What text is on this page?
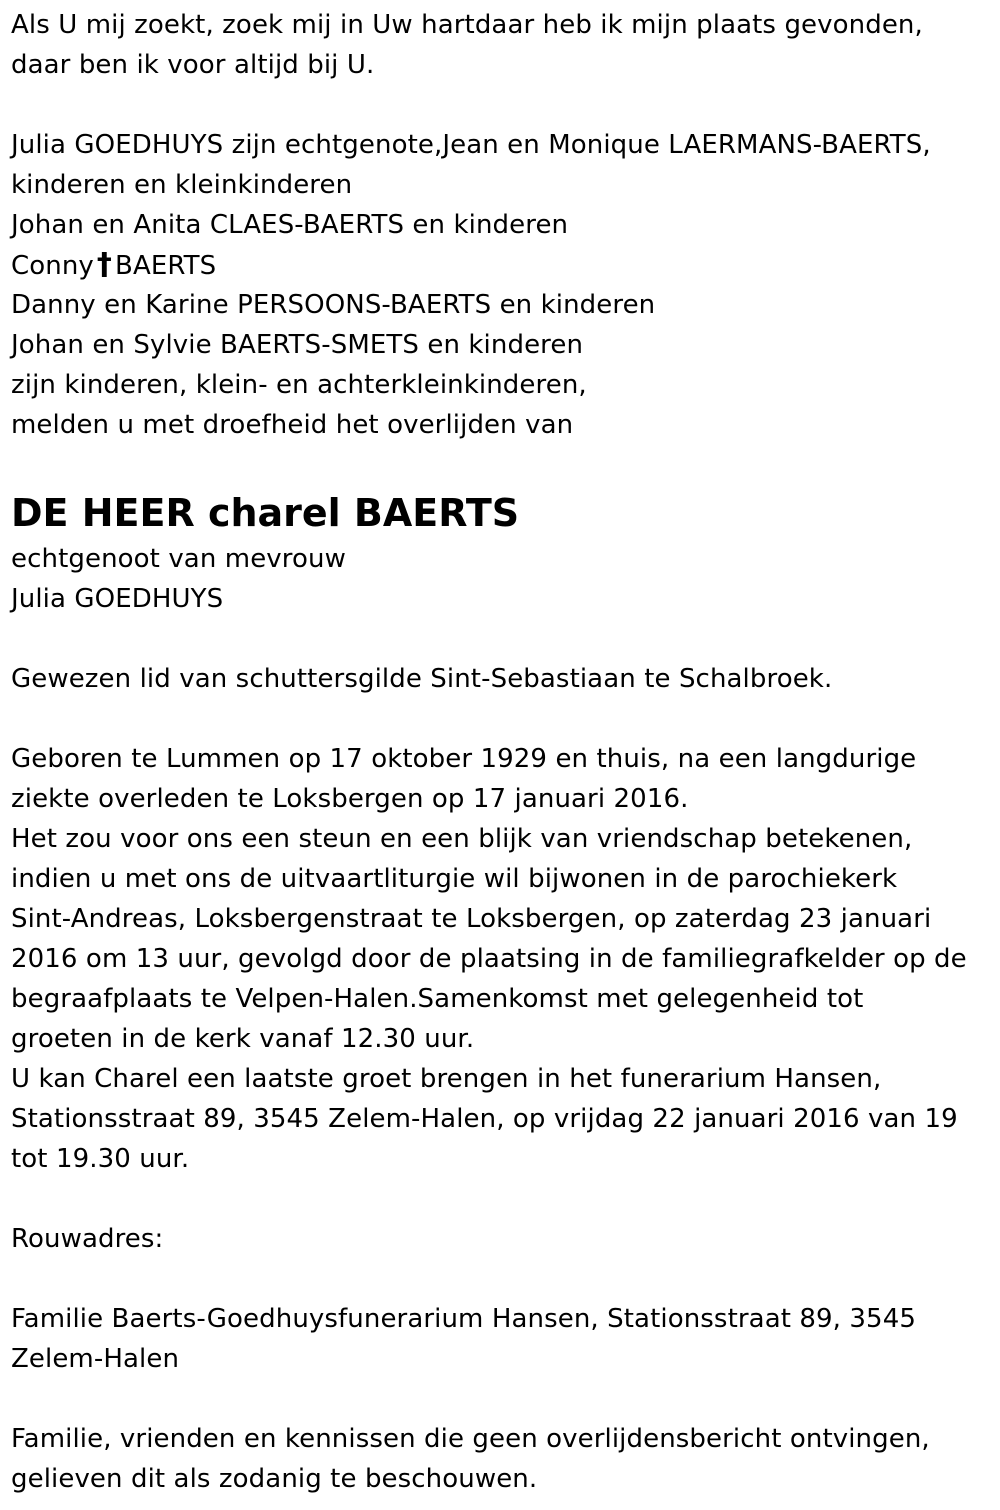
Als U mij zoekt, zoek mij in Uw hartdaar heb ik mijn plaats gevonden,
daar ben ik voor altijd bij U.
Julia GOEDHUYS zijn echtgenote,Jean en Monique LAERMANS-BAERTS,
kinderen en kleinkinderen
Johan en Anita CLAES-BAERTS en kinderen
Conny † BAERTS
Danny en Karine PERSOONS-BAERTS en kinderen
Johan en Sylvie BAERTS-SMETS en kinderen
zijn kinderen, klein- en achterkleinkinderen,
melden u met droefheid het overlijden van
DE HEER charel BAERTS
echtgenoot van mevrouw
Julia GOEDHUYS
Gewezen lid van schuttersgilde Sint-Sebastiaan te Schalbroek.
Geboren te Lummen op 17 oktober 1929 en thuis, na een langdurige
ziekte overleden te Loksbergen op 17 januari 2016.
Het zou voor ons een steun en een blijk van vriendschap betekenen,
indien u met ons de uitvaartliturgie wil bijwonen in de parochiekerk
Sint-Andreas, Loksbergenstraat te Loksbergen, op zaterdag 23 januari
2016 om 13 uur, gevolgd door de plaatsing in de familiegrafkelder op de
begraafplaats te Velpen-Halen.Samenkomst met gelegenheid tot
groeten in de kerk vanaf 12.30 uur.
U kan Charel een laatste groet brengen in het funerarium Hansen,
Stationsstraat 89, 3545 Zelem-Halen, op vrijdag 22 januari 2016 van 19
tot 19.30 uur.
Rouwadres:
Familie Baerts-Goedhuysfunerarium Hansen, Stationsstraat 89, 3545
Zelem-Halen
Familie, vrienden en kennissen die geen overlijdensbericht ontvingen,
gelieven dit als zodanig te beschouwen.
